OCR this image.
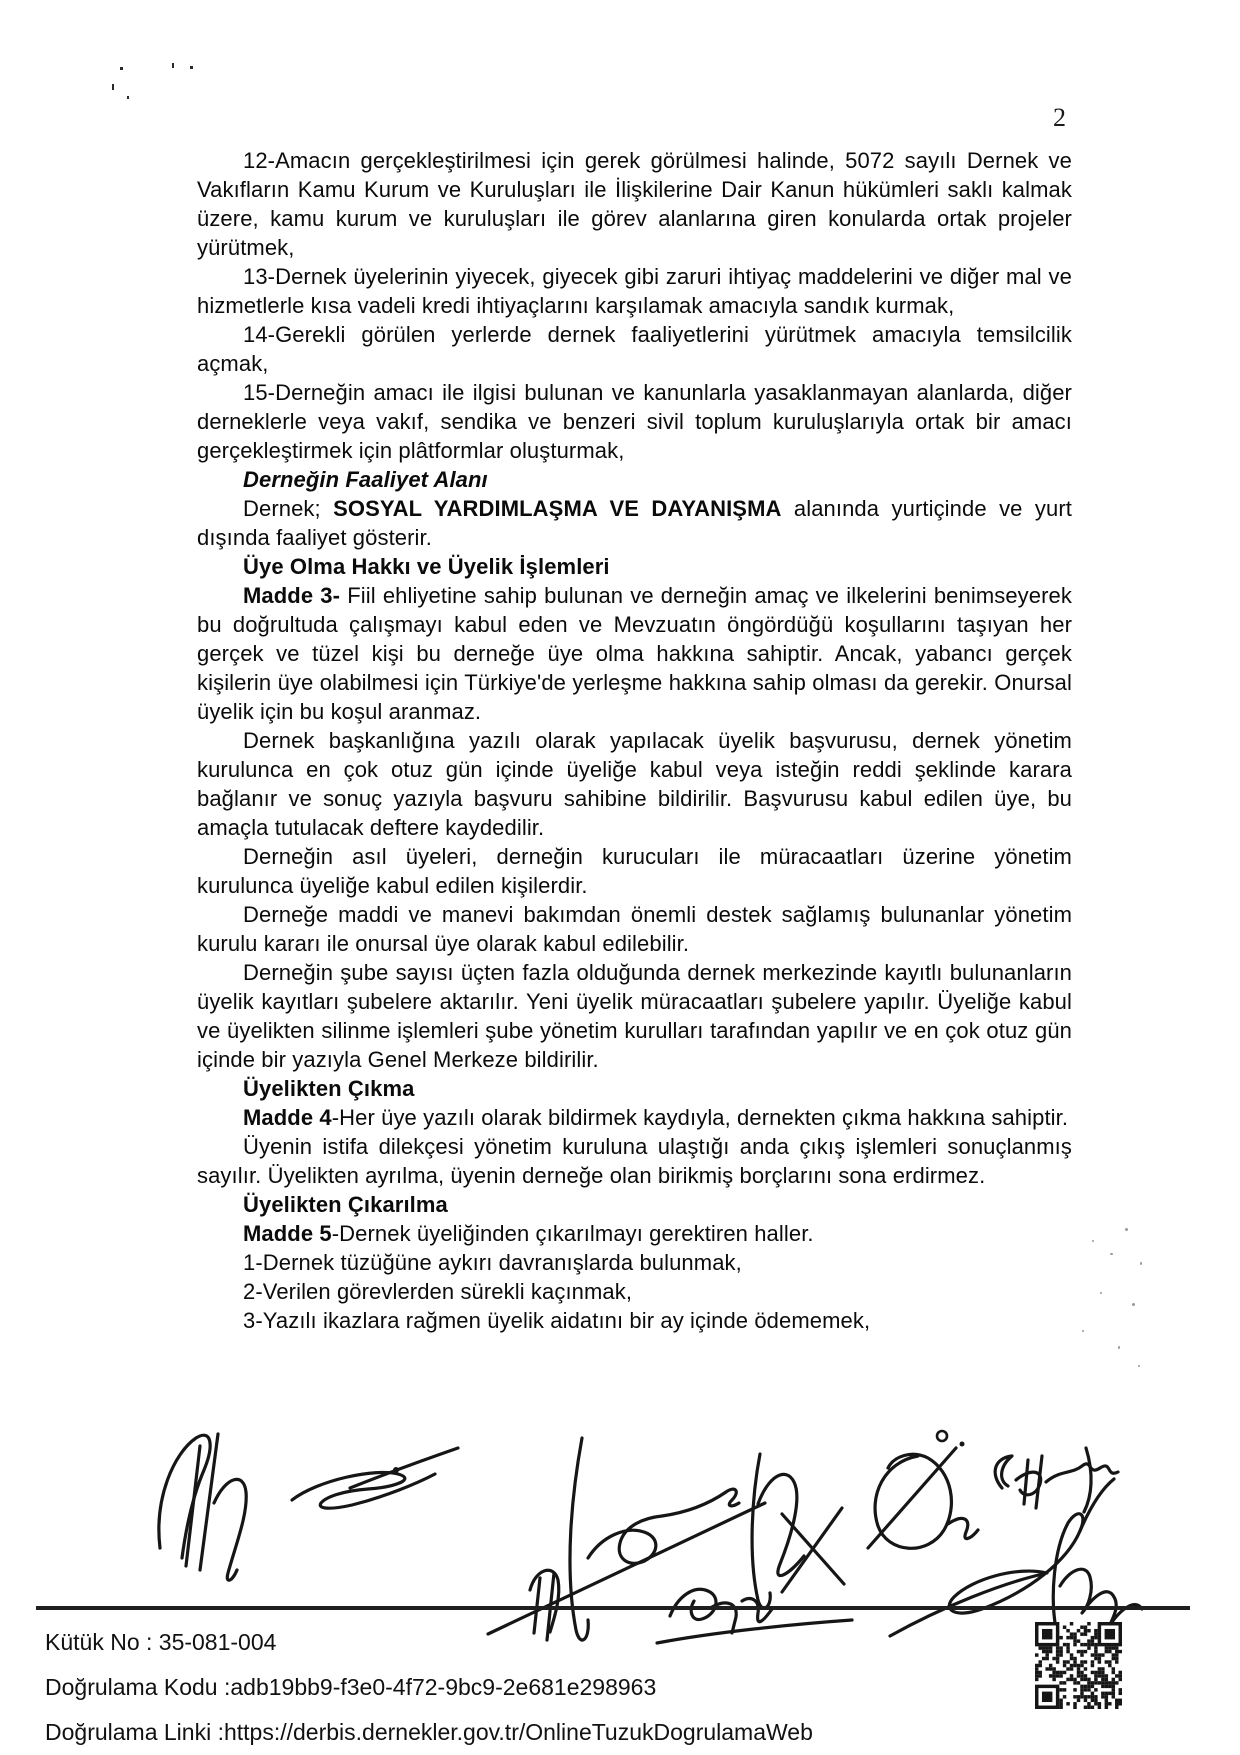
2

12-Amacın gerçekleştirilmesi için gerek görülmesi halinde, 5072 sayılı Dernek ve Vakıfların Kamu Kurum ve Kuruluşları ile İlişkilerine Dair Kanun hükümleri saklı kalmak üzere, kamu kurum ve kuruluşları ile görev alanlarına giren konularda ortak projeler yürütmek,

13-Dernek üyelerinin yiyecek, giyecek gibi zaruri ihtiyaç maddelerini ve diğer mal ve hizmetlerle kısa vadeli kredi ihtiyaçlarını karşılamak amacıyla sandık kurmak,

14-Gerekli görülen yerlerde dernek faaliyetlerini yürütmek amacıyla temsilcilik açmak,

15-Derneğin amacı ile ilgisi bulunan ve kanunlarla yasaklanmayan alanlarda, diğer derneklerle veya vakıf, sendika ve benzeri sivil toplum kuruluşlarıyla ortak bir amacı gerçekleştirmek için plâtformlar oluşturmak,

Derneğin Faaliyet Alanı

Dernek; SOSYAL YARDIMLAŞMA VE DAYANIŞMA alanında yurtiçinde ve yurt dışında faaliyet gösterir.

Üye Olma Hakkı ve Üyelik İşlemleri

Madde 3- Fiil ehliyetine sahip bulunan ve derneğin amaç ve ilkelerini benimseyerek bu doğrultuda çalışmayı kabul eden ve Mevzuatın öngördüğü koşullarını taşıyan her gerçek ve tüzel kişi bu derneğe üye olma hakkına sahiptir. Ancak, yabancı gerçek kişilerin üye olabilmesi için Türkiye'de yerleşme hakkına sahip olması da gerekir. Onursal üyelik için bu koşul aranmaz.

Dernek başkanlığına yazılı olarak yapılacak üyelik başvurusu, dernek yönetim kurulunca en çok otuz gün içinde üyeliğe kabul veya isteğin reddi şeklinde karara bağlanır ve sonuç yazıyla başvuru sahibine bildirilir. Başvurusu kabul edilen üye, bu amaçla tutulacak deftere kaydedilir.

Derneğin asıl üyeleri, derneğin kurucuları ile müracaatları üzerine yönetim kurulunca üyeliğe kabul edilen kişilerdir.

Derneğe maddi ve manevi bakımdan önemli destek sağlamış bulunanlar yönetim kurulu kararı ile onursal üye olarak kabul edilebilir.

Derneğin şube sayısı üçten fazla olduğunda dernek merkezinde kayıtlı bulunanların üyelik kayıtları şubelere aktarılır. Yeni üyelik müracaatları şubelere yapılır. Üyeliğe kabul ve üyelikten silinme işlemleri şube yönetim kurulları tarafından yapılır ve en çok otuz gün içinde bir yazıyla Genel Merkeze bildirilir.

Üyelikten Çıkma

Madde 4-Her üye yazılı olarak bildirmek kaydıyla, dernekten çıkma hakkına sahiptir.

Üyenin istifa dilekçesi yönetim kuruluna ulaştığı anda çıkış işlemleri sonuçlanmış sayılır. Üyelikten ayrılma, üyenin derneğe olan birikmiş borçlarını sona erdirmez.

Üyelikten Çıkarılma

Madde 5-Dernek üyeliğinden çıkarılmayı gerektiren haller.

1-Dernek tüzüğüne aykırı davranışlarda bulunmak,

2-Verilen görevlerden sürekli kaçınmak,

3-Yazılı ikazlara rağmen üyelik aidatını bir ay içinde ödememek,

Kütük No : 35-081-004
Doğrulama Kodu :adb19bb9-f3e0-4f72-9bc9-2e681e298963
Doğrulama Linki :https://derbis.dernekler.gov.tr/OnlineTuzukDogrulamaWeb
